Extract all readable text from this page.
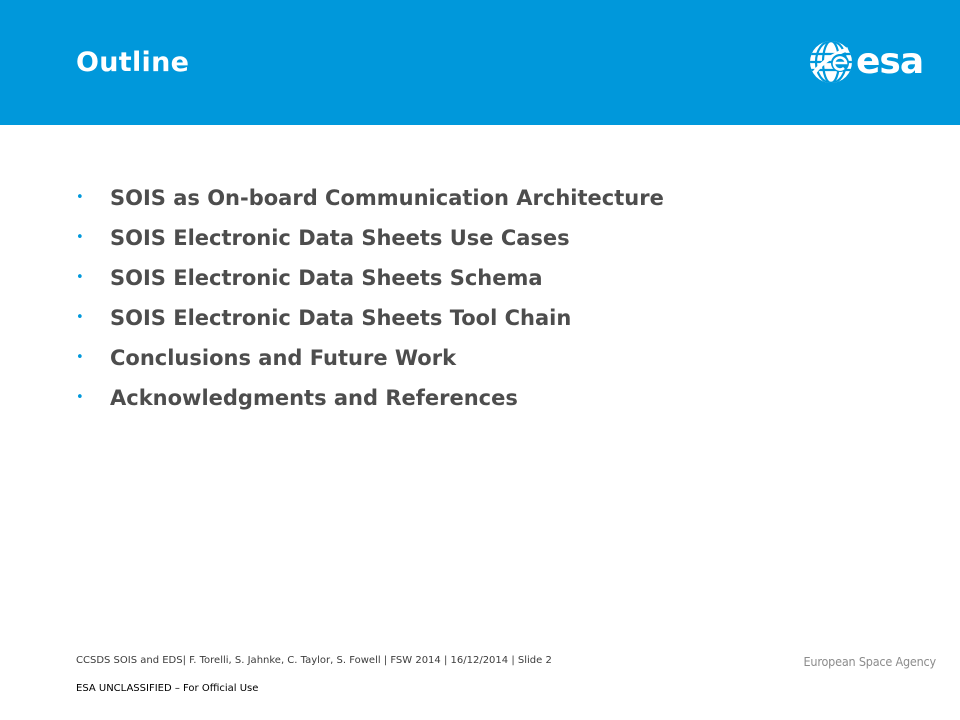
Outline	esa
•	SOIS as On-board Communication Architecture
•	SOIS Electronic Data Sheets Use Cases
•	SOIS Electronic Data Sheets Schema
•	SOIS Electronic Data Sheets Tool Chain
•	Conclusions and Future Work
•	Acknowledgments and References
CCSDS SOIS and EDS| F. Torelli, S. Jahnke, C. Taylor, S. Fowell | FSW 2014 | 16/12/2014 | Slide 2	European Space Agency
ESA UNCLASSIFIED – For Official Use
